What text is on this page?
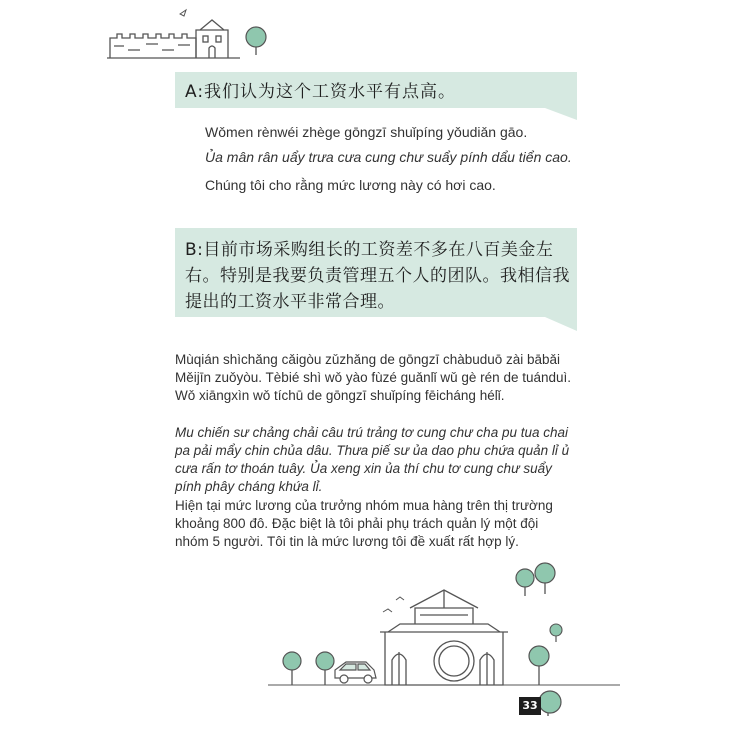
A:我们认为这个工资水平有点高。
Wǒmen rènwéi zhège gōngzī shuǐpíng yǒudiǎn gāo.
Ủa mân rân uẩy trưa cưa cung chư suẩy pính dẩu tiển cao.
Chúng tôi cho rằng mức lương này có hơi cao.
B:目前市场采购组长的工资差不多在八百美金左右。特别是我要负责管理五个人的团队。我相信我提出的工资水平非常合理。
Mùqián shìchǎng cǎigòu zǔzhǎng de gōngzī chàbuduō zài bābǎi Měijīn zuǒyòu. Tèbié shì wǒ yào fùzé guǎnlǐ wǔ gè rén de tuánduì. Wǒ xiāngxìn wǒ tíchū de gōngzī shuǐpíng fēicháng hélǐ.
Mu chiến sư chảng chải câu trú trảng tơ cung chư cha pu tua chai pa pải mẩy chin chủa dâu. Thưa piế sư ủa dao phu chứa quản lỉ ủ cưa rấn tơ thoán tuây. Ủa xeng xin ủa thí chu tơ cung chư suẩy pính phây cháng khứa lỉ.
Hiện tại mức lương của trưởng nhóm mua hàng trên thị trường khoảng 800 đô. Đặc biệt là tôi phải phụ trách quản lý một đội nhóm 5 người. Tôi tin là mức lương tôi đề xuất rất hợp lý.
33
